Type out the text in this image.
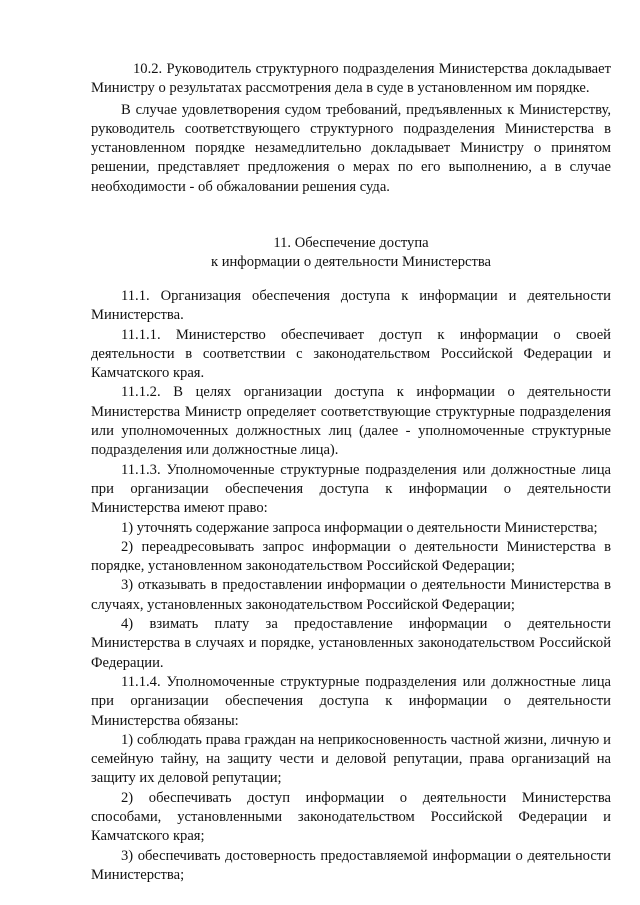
10.2. Руководитель структурного подразделения Министерства докладывает Министру о результатах рассмотрения дела в суде в установленном им порядке.

В случае удовлетворения судом требований, предъявленных к Министерству, руководитель соответствующего структурного подразделения Министерства в установленном порядке незамедлительно докладывает Министру о принятом решении, представляет предложения о мерах по его выполнению, а в случае необходимости - об обжаловании решения суда.

11. Обеспечение доступа
к информации о деятельности Министерства

11.1. Организация обеспечения доступа к информации и деятельности Министерства.

11.1.1. Министерство обеспечивает доступ к информации о своей деятельности в соответствии с законодательством Российской Федерации и Камчатского края.

11.1.2. В целях организации доступа к информации о деятельности Министерства Министр определяет соответствующие структурные подразделения или уполномоченных должностных лиц (далее - уполномоченные структурные подразделения или должностные лица).

11.1.3. Уполномоченные структурные подразделения или должностные лица при организации обеспечения доступа к информации о деятельности Министерства имеют право:

1) уточнять содержание запроса информации о деятельности Министерства;

2) переадресовывать запрос информации о деятельности Министерства в порядке, установленном законодательством Российской Федерации;

3) отказывать в предоставлении информации о деятельности Министерства в случаях, установленных законодательством Российской Федерации;

4) взимать плату за предоставление информации о деятельности Министерства в случаях и порядке, установленных законодательством Российской Федерации.

11.1.4. Уполномоченные структурные подразделения или должностные лица при организации обеспечения доступа к информации о деятельности Министерства обязаны:

1) соблюдать права граждан на неприкосновенность частной жизни, личную и семейную тайну, на защиту чести и деловой репутации, права организаций на защиту их деловой репутации;

2) обеспечивать доступ информации о деятельности Министерства способами, установленными законодательством Российской Федерации и Камчатского края;

3) обеспечивать достоверность предоставляемой информации о деятельности Министерства;
